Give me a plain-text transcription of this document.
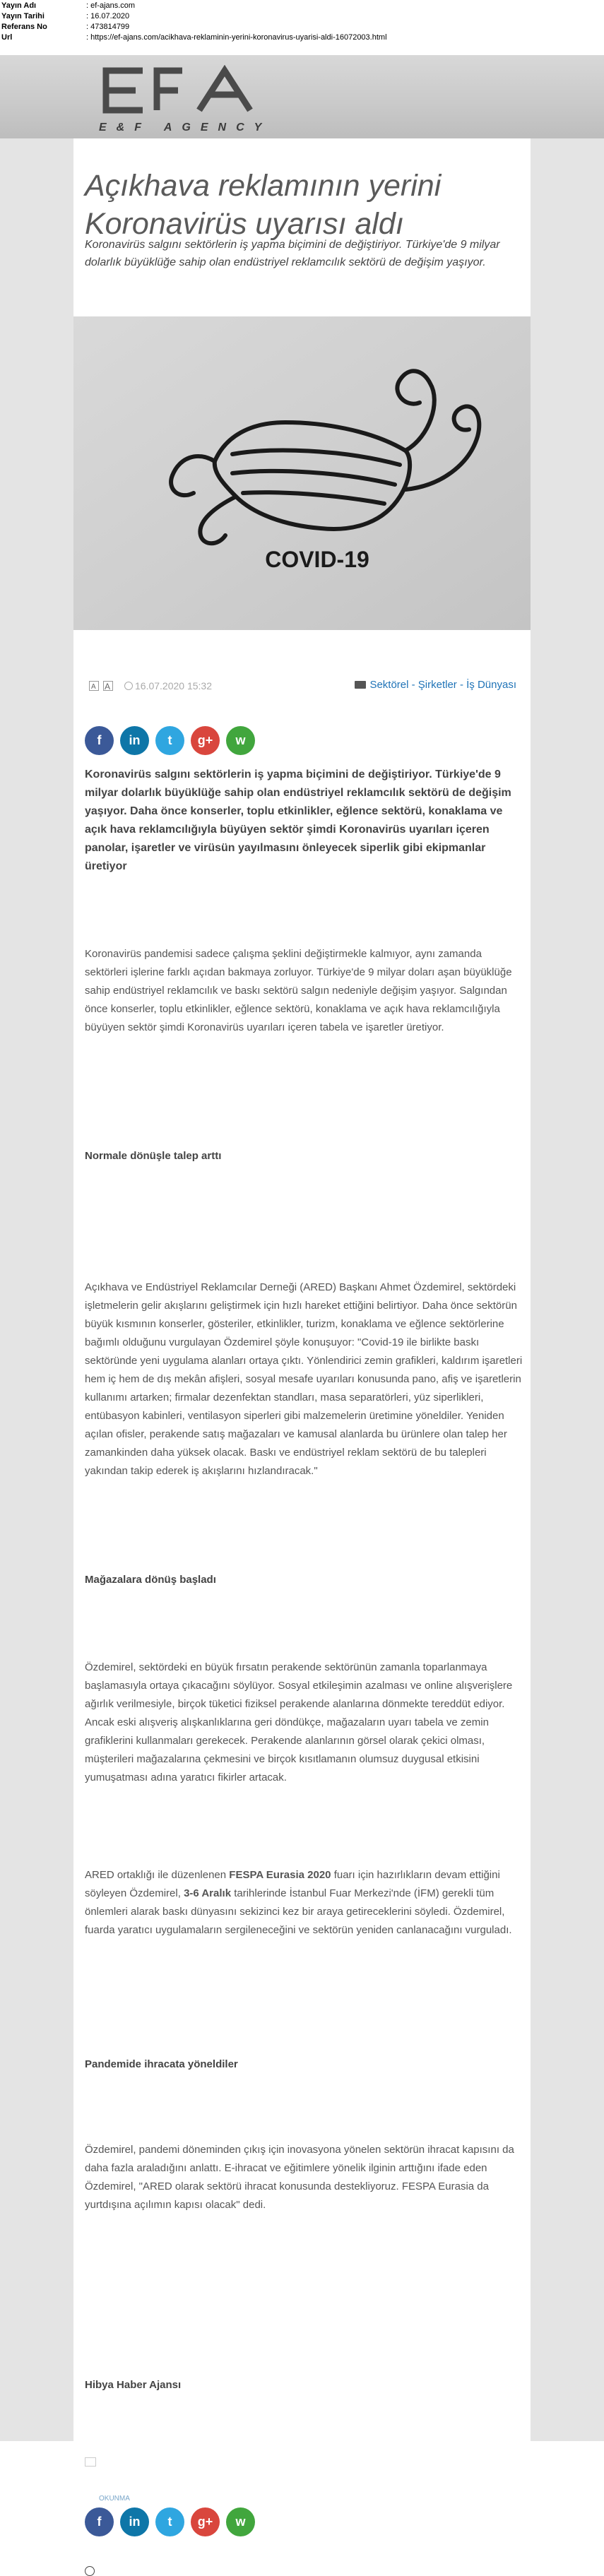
Yayın Adı	: ef-ajans.com
Yayın Tarihi	: 16.07.2020
Referans No	: 473814799
Url	: https://ef-ajans.com/acikhava-reklaminin-yerini-koronavirus-uyarisi-aldi-16072003.html
EFA
E&F AGENCY
Açıkhava reklamının yerini Koronavirüs uyarısı aldı
Koronavirüs salgını sektörlerin iş yapma biçimini de değiştiriyor. Türkiye'de 9 milyar dolarlık büyüklüğe sahip olan endüstriyel reklamcılık sektörü de değişim yaşıyor.
COVID-19
A A	16.07.2020 15:32	Sektörel - Şirketler - İş Dünyası
f	in	t	g+	w
Koronavirüs salgını sektörlerin iş yapma biçimini de değiştiriyor. Türkiye'de 9 milyar dolarlık büyüklüğe sahip olan endüstriyel reklamcılık sektörü de değişim yaşıyor. Daha önce konserler, toplu etkinlikler, eğlence sektörü, konaklama ve açık hava reklamcılığıyla büyüyen sektör şimdi Koronavirüs uyarıları içeren panolar, işaretler ve virüsün yayılmasını önleyecek siperlik gibi ekipmanlar üretiyor
Koronavirüs pandemisi sadece çalışma şeklini değiştirmekle kalmıyor, aynı zamanda sektörleri işlerine farklı açıdan bakmaya zorluyor. Türkiye'de 9 milyar doları aşan büyüklüğe sahip endüstriyel reklamcılık ve baskı sektörü salgın nedeniyle değişim yaşıyor. Salgından önce konserler, toplu etkinlikler, eğlence sektörü, konaklama ve açık hava reklamcılığıyla büyüyen sektör şimdi Koronavirüs uyarıları içeren tabela ve işaretler üretiyor.
Normale dönüşle talep arttı
Açıkhava ve Endüstriyel Reklamcılar Derneği (ARED) Başkanı Ahmet Özdemirel, sektördeki işletmelerin gelir akışlarını geliştirmek için hızlı hareket ettiğini belirtiyor. Daha önce sektörün büyük kısmının konserler, gösteriler, etkinlikler, turizm, konaklama ve eğlence sektörlerine bağımlı olduğunu vurgulayan Özdemirel şöyle konuşuyor: "Covid-19 ile birlikte baskı sektöründe yeni uygulama alanları ortaya çıktı. Yönlendirici zemin grafikleri, kaldırım işaretleri hem iç hem de dış mekân afişleri, sosyal mesafe uyarıları konusunda pano, afiş ve işaretlerin kullanımı artarken; firmalar dezenfektan standları, masa separatörleri, yüz siperlikleri, entübasyon kabinleri, ventilasyon siperleri gibi malzemelerin üretimine yöneldiler. Yeniden açılan ofisler, perakende satış mağazaları ve kamusal alanlarda bu ürünlere olan talep her zamankinden daha yüksek olacak. Baskı ve endüstriyel reklam sektörü de bu talepleri yakından takip ederek iş akışlarını hızlandıracak."
Mağazalara dönüş başladı
Özdemirel, sektördeki en büyük fırsatın perakende sektörünün zamanla toparlanmaya başlamasıyla ortaya çıkacağını söylüyor. Sosyal etkileşimin azalması ve online alışverişlere ağırlık verilmesiyle, birçok tüketici fiziksel perakende alanlarına dönmekte tereddüt ediyor. Ancak eski alışveriş alışkanlıklarına geri döndükçe, mağazaların uyarı tabela ve zemin grafiklerini kullanmaları gerekecek. Perakende alanlarının görsel olarak çekici olması, müşterileri mağazalarına çekmesini ve birçok kısıtlamanın olumsuz duygusal etkisini yumuşatması adına yaratıcı fikirler artacak.
ARED ortaklığı ile düzenlenen FESPA Eurasia 2020 fuarı için hazırlıkların devam ettiğini söyleyen Özdemirel, 3-6 Aralık tarihlerinde İstanbul Fuar Merkezi'nde (İFM) gerekli tüm önlemleri alarak baskı dünyasını sekizinci kez bir araya getireceklerini söyledi. Özdemirel, fuarda yaratıcı uygulamaların sergileneceğini ve sektörün yeniden canlanacağını vurguladı.
Pandemide ihracata yöneldiler
Özdemirel, pandemi döneminden çıkış için inovasyona yönelen sektörün ihracat kapısını da daha fazla araladığını anlattı. E-ihracat ve eğitimlere yönelik ilginin arttığını ifade eden Özdemirel, "ARED olarak sektörü ihracat konusunda destekliyoruz. FESPA Eurasia da yurtdışına açılımın kapısı olacak" dedi.
Hibya Haber Ajansı
OKUNMA
f	in	t	g+	w
